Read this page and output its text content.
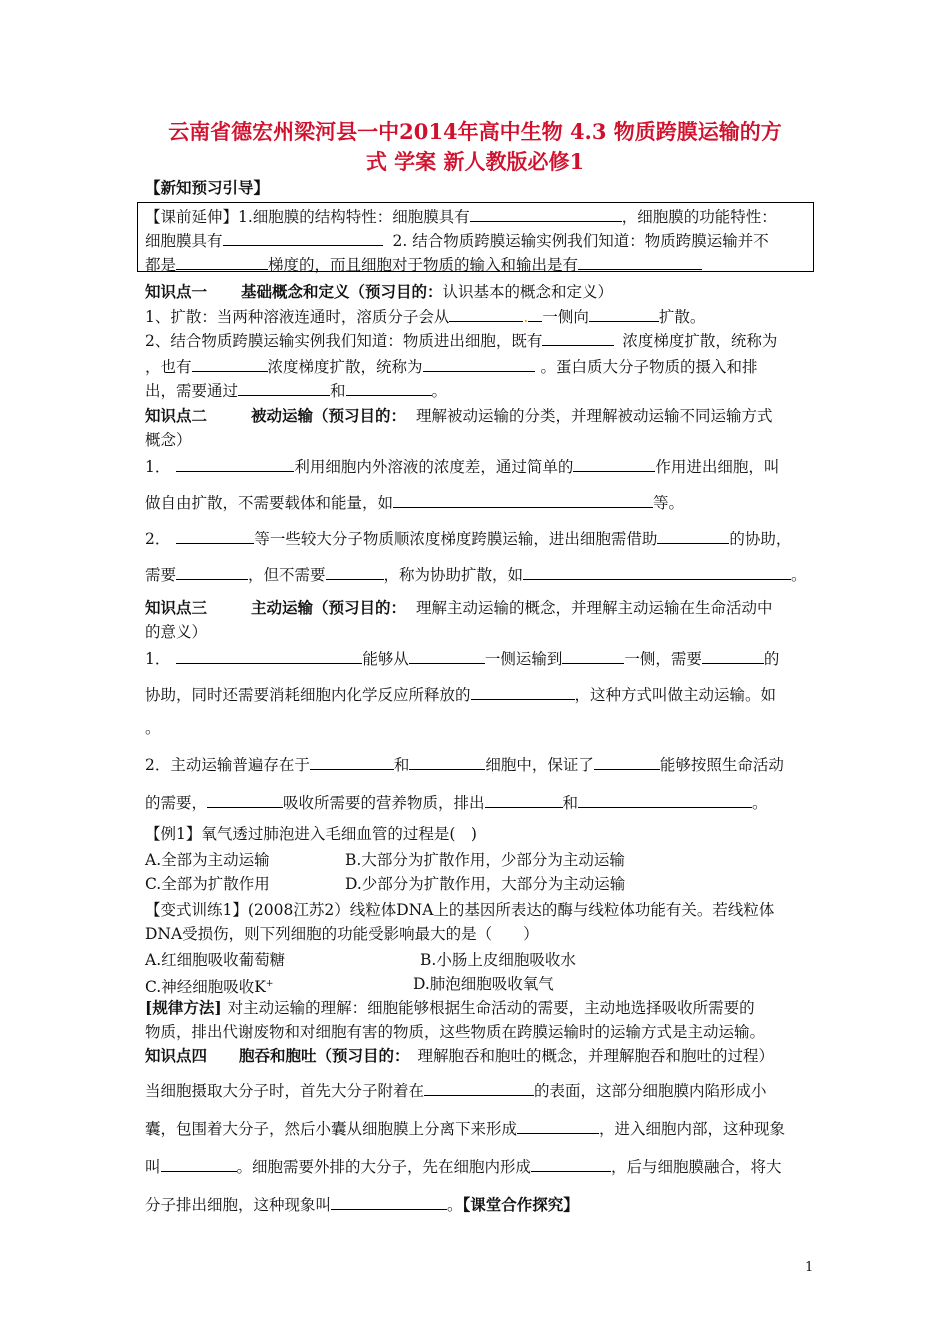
云南省德宏州梁河县一中2014年高中生物 4.3 物质跨膜运输的方
式 学案 新人教版必修1
【新知预习引导】
【课前延伸】1.细胞膜的结构特性：细胞膜具有	，细胞膜的功能特性：
细胞膜具有	2. 结合物质跨膜运输实例我们知道：物质跨膜运输并不
都是	梯度的，而且细胞对于物质的输入和输出是有
知识点一 基础概念和定义（预习目的：认识基本的概念和定义）
1、扩散：当两种溶液连通时，溶质分子会从	. 一侧向	扩散。
2、结合物质跨膜运输实例我们知道：物质进出细胞，既有	浓度梯度扩散，统称为
，也有	浓度梯度扩散，统称为	。蛋白质大分子物质的摄入和排
出，需要通过	和	。
知识点二	被动运输（预习目的： 理解被动运输的分类，并理解被动运输不同运输方式
概念）
1．	利用细胞内外溶液的浓度差，通过简单的	作用进出细胞，叫
做自由扩散，不需要载体和能量，如	等。
2．	等一些较大分子物质顺浓度梯度跨膜运输，进出细胞需借助	的协助，
需要	，但不需要	，称为协助扩散，如	。
知识点三	主动运输（预习目的： 理解主动运输的概念，并理解主动运输在生命活动中
的意义）
1．	能够从	一侧运输到	一侧，需要	的
协助，同时还需要消耗细胞内化学反应所释放的	，这种方式叫做主动运输。如
。
2．主动运输普遍存在于	和	细胞中，保证了	能够按照生命活动
的需要，	吸收所需要的营养物质，排出	和	。
【例1】氧气透过肺泡进入毛细血管的过程是(　)
A.全部为主动运输	B.大部分为扩散作用，少部分为主动运输
C.全部为扩散作用	D.少部分为扩散作用，大部分为主动运输
【变式训练1】(2008江苏2）线粒体DNA上的基因所表达的酶与线粒体功能有关。若线粒体
DNA受损伤，则下列细胞的功能受影响最大的是（　　）
A.红细胞吸收葡萄糖	B.小肠上皮细胞吸收水
C.神经细胞吸收K+	D.肺泡细胞吸收氧气
[规律方法] 对主动运输的理解：细胞能够根据生命活动的需要，主动地选择吸收所需要的
物质，排出代谢废物和对细胞有害的物质，这些物质在跨膜运输时的运输方式是主动运输。
知识点四 胞吞和胞吐（预习目的： 理解胞吞和胞吐的概念，并理解胞吞和胞吐的过程）
当细胞摄取大分子时，首先大分子附着在	的表面，这部分细胞膜内陷形成小
囊，包围着大分子，然后小囊从细胞膜上分离下来形成	，进入细胞内部，这种现象
叫	。细胞需要外排的大分子，先在细胞内形成	，后与细胞膜融合，将大
分子排出细胞，这种现象叫	。【课堂合作探究】
1
